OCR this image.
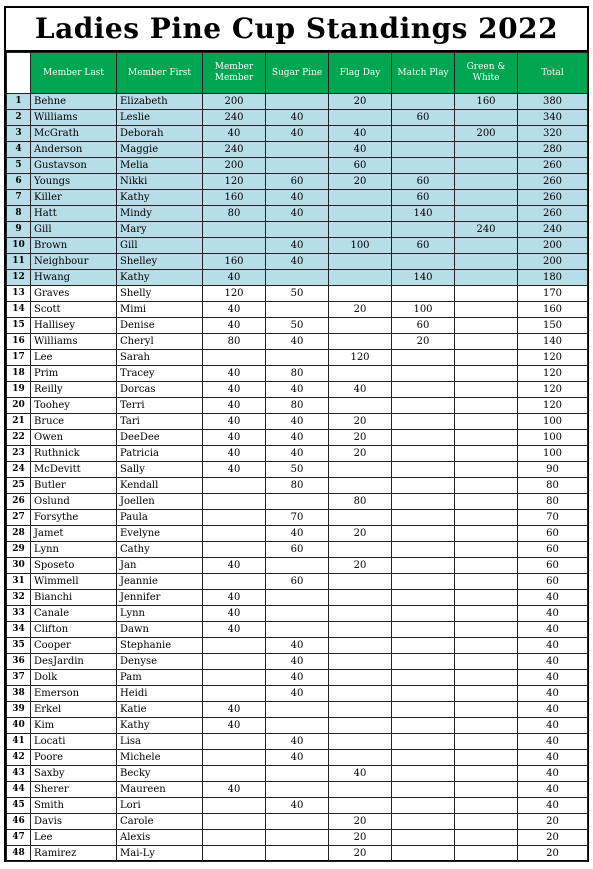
Ladies Pine Cup Standings 2022
	Member Last	Member First	Member Member	Sugar Pine	Flag Day	Match Play	Green & White	Total
1	Behne	Elizabeth	200		20		160	380
2	Williams	Leslie	240	40		60		340
3	McGrath	Deborah	40	40	40		200	320
4	Anderson	Maggie	240		40			280
5	Gustavson	Melia	200		60			260
6	Youngs	Nikki	120	60	20	60		260
7	Killer	Kathy	160	40		60		260
8	Hatt	Mindy	80	40		140		260
9	Gill	Mary					240	240
10	Brown	Gill		40	100	60		200
11	Neighbour	Shelley	160	40				200
12	Hwang	Kathy	40			140		180
13	Graves	Shelly	120	50				170
14	Scott	Mimi	40		20	100		160
15	Hallisey	Denise	40	50		60		150
16	Williams	Cheryl	80	40		20		140
17	Lee	Sarah			120			120
18	Prim	Tracey	40	80				120
19	Reilly	Dorcas	40	40	40			120
20	Toohey	Terri	40	80				120
21	Bruce	Tari	40	40	20			100
22	Owen	DeeDee	40	40	20			100
23	Ruthnick	Patricia	40	40	20			100
24	McDevitt	Sally	40	50				90
25	Butler	Kendall		80				80
26	Oslund	Joellen			80			80
27	Forsythe	Paula		70				70
28	Jamet	Evelyne		40	20			60
29	Lynn	Cathy		60				60
30	Sposeto	Jan	40		20			60
31	Wimmell	Jeannie		60				60
32	Bianchi	Jennifer	40					40
33	Canale	Lynn	40					40
34	Clifton	Dawn	40					40
35	Cooper	Stephanie		40				40
36	DesJardin	Denyse		40				40
37	Dolk	Pam		40				40
38	Emerson	Heidi		40				40
39	Erkel	Katie	40					40
40	Kim	Kathy	40					40
41	Locati	Lisa		40				40
42	Poore	Michele		40				40
43	Saxby	Becky			40			40
44	Sherer	Maureen	40					40
45	Smith	Lori		40				40
46	Davis	Carole			20			20
47	Lee	Alexis			20			20
48	Ramirez	Mai-Ly			20			20
